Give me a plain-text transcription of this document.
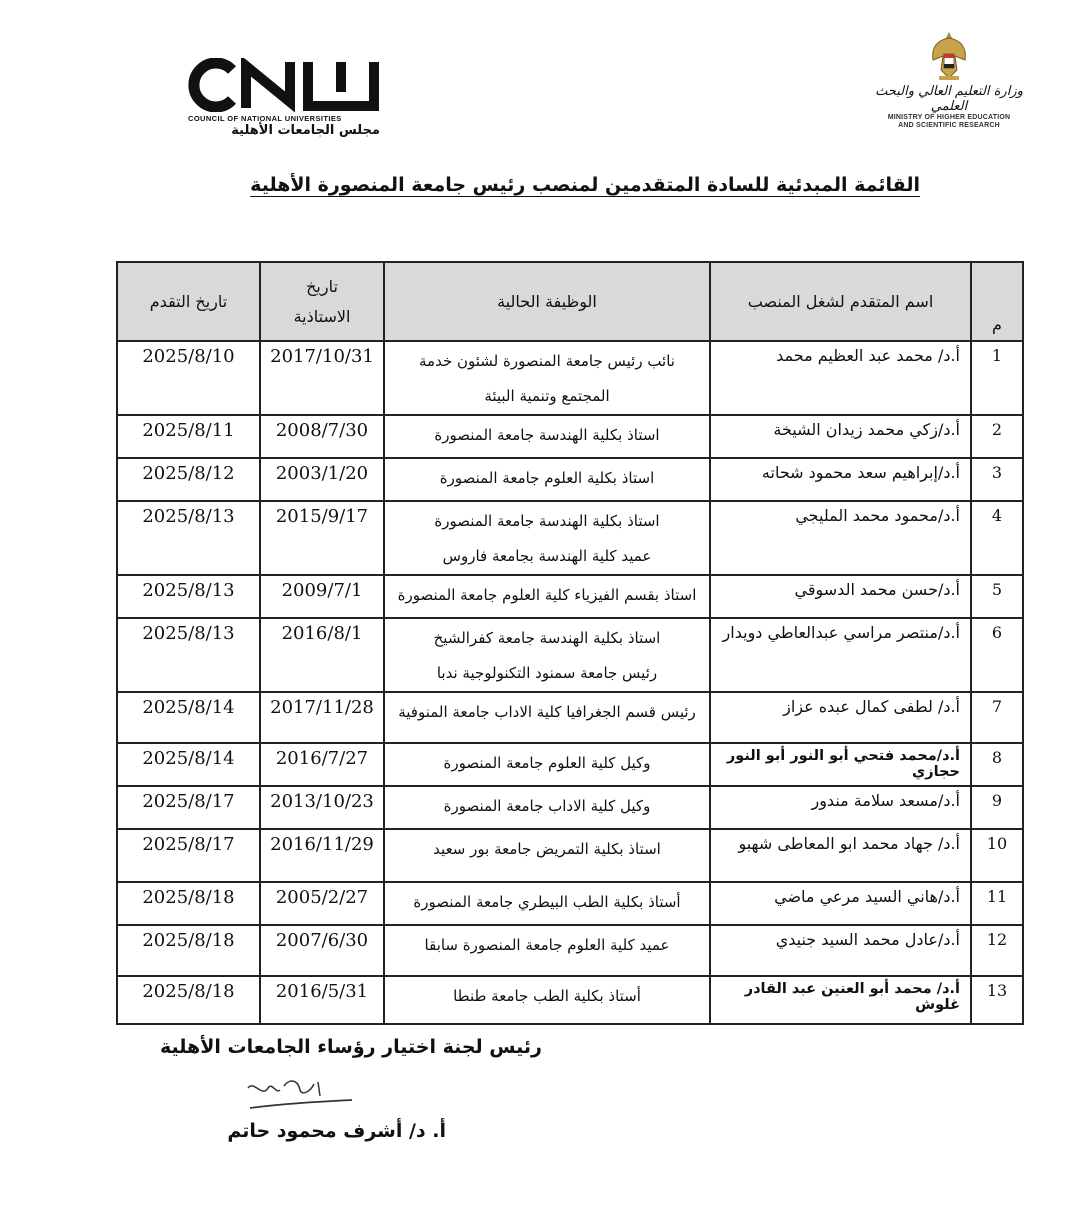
COUNCIL OF NATIONAL UNIVERSITIES
مجلس الجامعات الأهلية
وزارة التعليم العالي والبحث العلمي
MINISTRY OF HIGHER EDUCATION
AND SCIENTIFIC RESEARCH
القائمة المبدئية للسادة المتقدمين لمنصب رئيس جامعة المنصورة الأهلية
م	اسم المتقدم لشغل المنصب	الوظيفة الحالية	تاريخ
الاستاذية	تاريخ التقدم

1	أ.د/ محمد عبد العظيم محمد	نائب رئيس جامعة المنصورة لشئون خدمة
المجتمع وتنمية البيئة	2017/10/31	2025/8/10
2	أ.د/زكي محمد زيدان الشيخة	استاذ بكلية الهندسة جامعة المنصورة	2008/7/30	2025/8/11
3	أ.د/إبراهيم سعد محمود شحاته	استاذ بكلية العلوم جامعة المنصورة	2003/1/20	2025/8/12
4	أ.د/محمود محمد المليجي	استاذ بكلية الهندسة جامعة المنصورة
عميد كلية الهندسة بجامعة فاروس	2015/9/17	2025/8/13
5	أ.د/حسن محمد الدسوقي	استاذ بقسم الفيزياء كلية العلوم جامعة المنصورة	2009/7/1	2025/8/13
6	أ.د/منتصر مراسي عبدالعاطي دويدار	استاذ بكلية الهندسة جامعة كفرالشيخ
رئيس جامعة سمنود التكنولوجية ندبا	2016/8/1	2025/8/13
7	أ.د/ لطفى كمال عبده عزاز	رئيس قسم الجغرافيا كلية الاداب جامعة المنوفية	2017/11/28	2025/8/14
8	أ.د/محمد فتحي أبو النور أبو النور حجازي	وكيل كلية العلوم جامعة المنصورة	2016/7/27	2025/8/14
9	أ.د/مسعد سلامة مندور	وكيل كلية الاداب جامعة المنصورة	2013/10/23	2025/8/17
10	أ.د/ جهاد محمد ابو المعاطى شهبو	استاذ بكلية التمريض جامعة بور سعيد	2016/11/29	2025/8/17
11	أ.د/هاني السيد مرعي ماضي	أستاذ بكلية الطب البيطري جامعة المنصورة	2005/2/27	2025/8/18
12	أ.د/عادل محمد السيد جنيدي	عميد كلية العلوم جامعة المنصورة سابقا	2007/6/30	2025/8/18
13	أ.د/ محمد أبو العنين عبد القادر غلوش	أستاذ بكلية الطب جامعة طنطا	2016/5/31	2025/8/18
رئيس لجنة اختيار رؤساء الجامعات الأهلية
أ. د/ أشرف محمود حاتم
